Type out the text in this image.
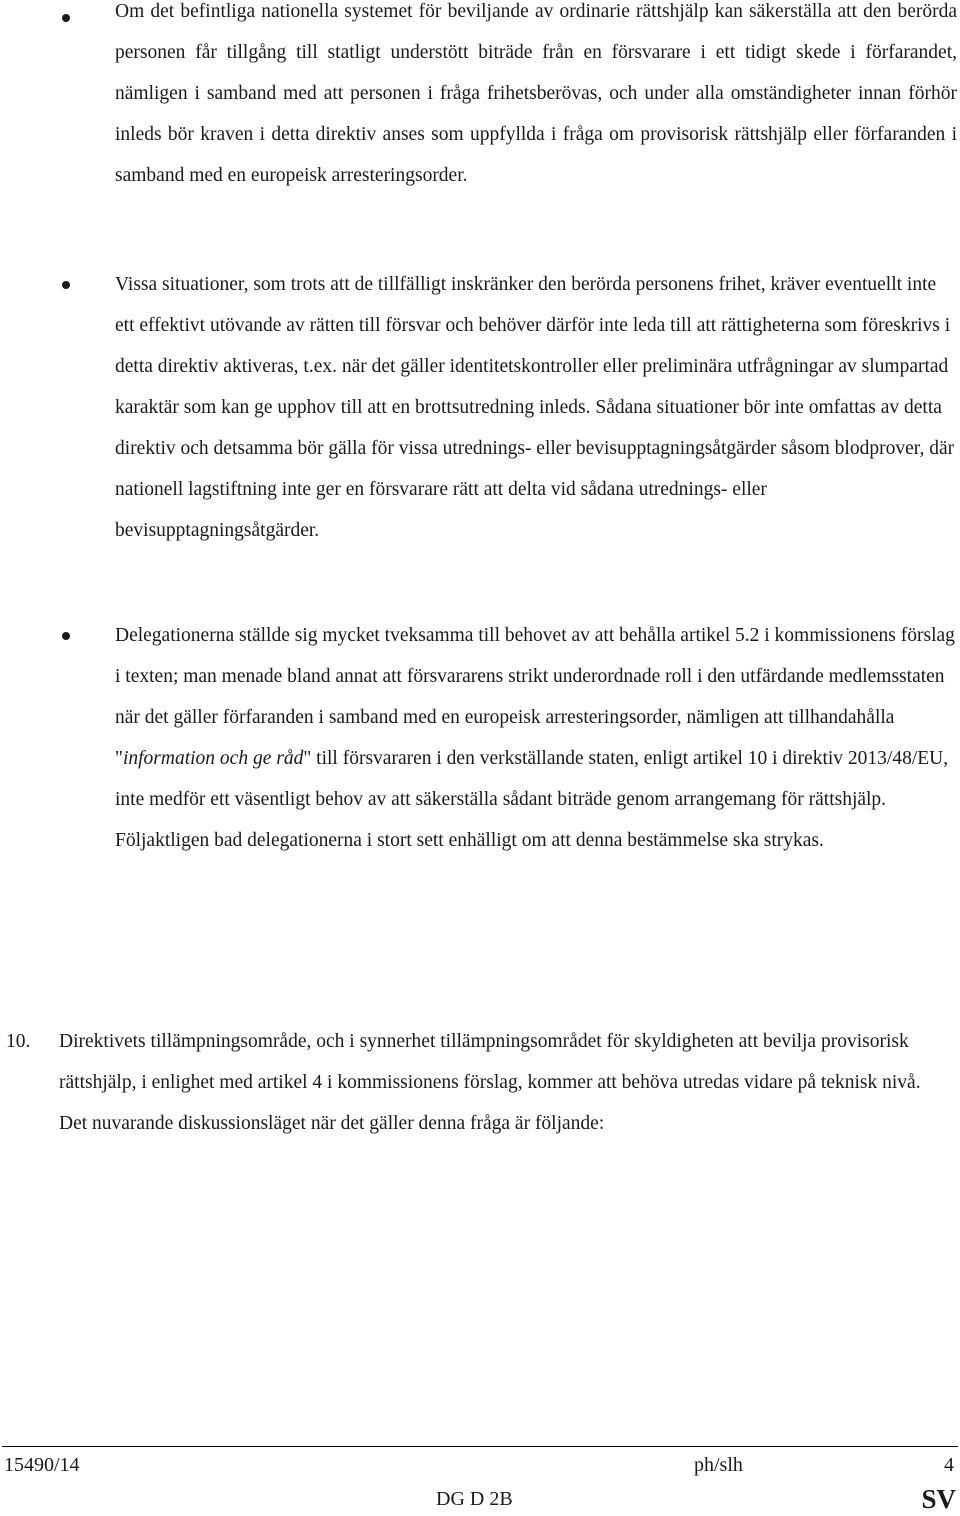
Om det befintliga nationella systemet för beviljande av ordinarie rättshjälp kan säkerställa att den berörda personen får tillgång till statligt understött biträde från en försvarare i ett tidigt skede i förfarandet, nämligen i samband med att personen i fråga frihetsberövas, och under alla omständigheter innan förhör inleds bör kraven i detta direktiv anses som uppfyllda i fråga om provisorisk rättshjälp eller förfaranden i samband med en europeisk arresteringsorder.

Vissa situationer, som trots att de tillfälligt inskränker den berörda personens frihet, kräver eventuellt inte ett effektivt utövande av rätten till försvar och behöver därför inte leda till att rättigheterna som föreskrivs i detta direktiv aktiveras, t.ex. när det gäller identitetskontroller eller preliminära utfrågningar av slumpartad karaktär som kan ge upphov till att en brottsutredning inleds. Sådana situationer bör inte omfattas av detta direktiv och detsamma bör gälla för vissa utrednings- eller bevisupptagningsåtgärder såsom blodprover, där nationell lagstiftning inte ger en försvarare rätt att delta vid sådana utrednings- eller bevisupptagningsåtgärder.

Delegationerna ställde sig mycket tveksamma till behovet av att behålla artikel 5.2 i kommissionens förslag i texten; man menade bland annat att försvararens strikt underordnade roll i den utfärdande medlemsstaten när det gäller förfaranden i samband med en europeisk arresteringsorder, nämligen att tillhandahålla "information och ge råd" till försvararen i den verkställande staten, enligt artikel 10 i direktiv 2013/48/EU, inte medför ett väsentligt behov av att säkerställa sådant biträde genom arrangemang för rättshjälp. Följaktligen bad delegationerna i stort sett enhälligt om att denna bestämmelse ska strykas.

10. Direktivets tillämpningsområde, och i synnerhet tillämpningsområdet för skyldigheten att bevilja provisorisk rättshjälp, i enlighet med artikel 4 i kommissionens förslag, kommer att behöva utredas vidare på teknisk nivå. Det nuvarande diskussionsläget när det gäller denna fråga är följande:

15490/14	ph/slh	4
DG D 2B	SV
